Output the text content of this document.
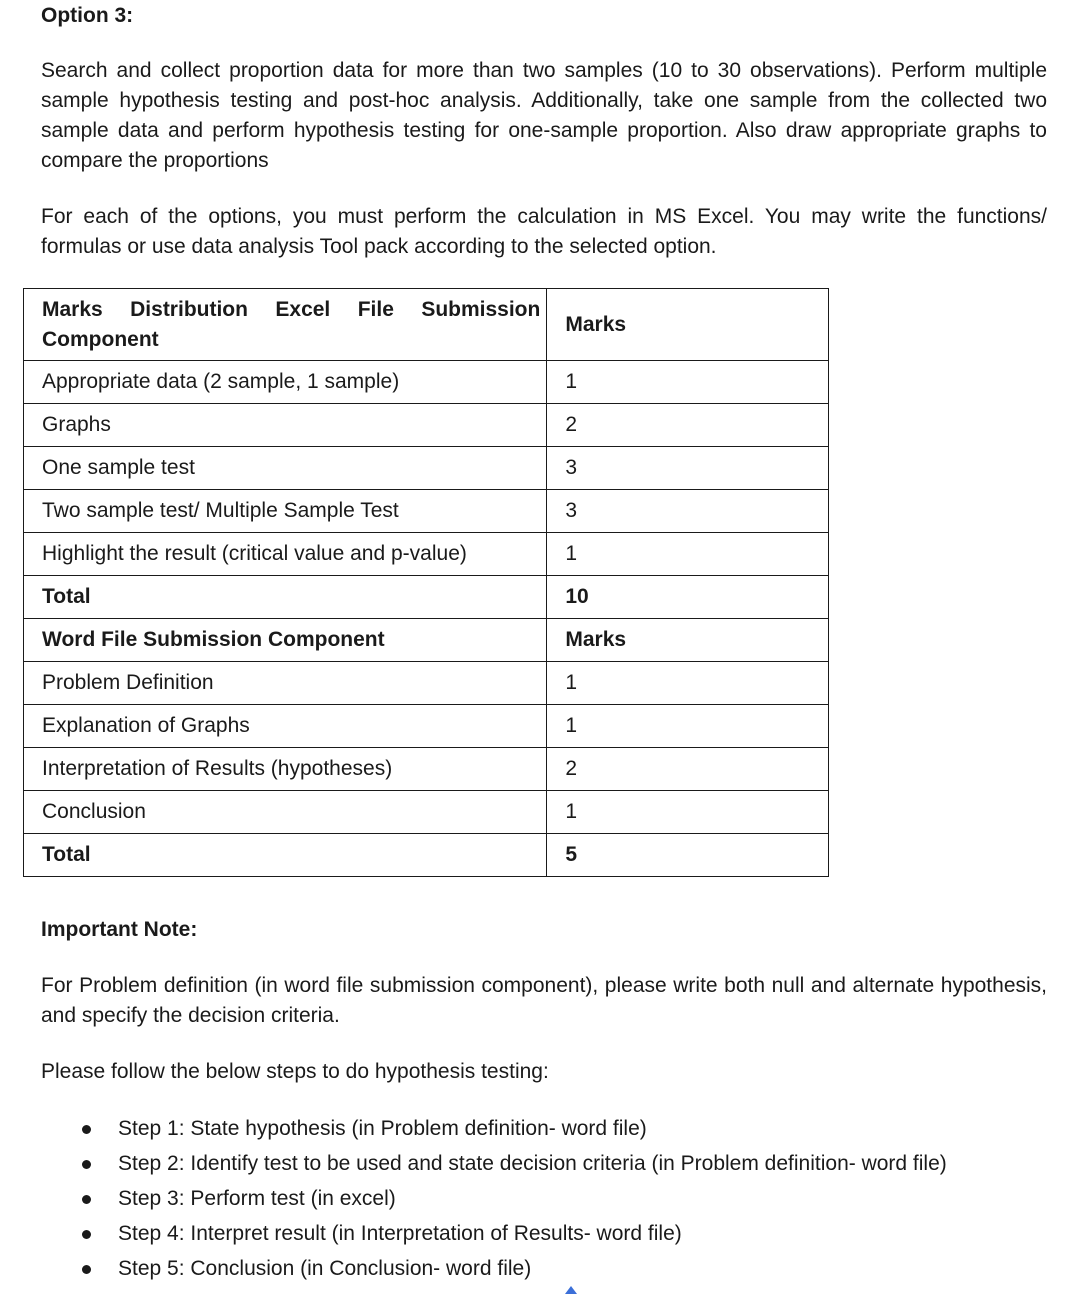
Option 3:
Search and collect proportion data for more than two samples (10 to 30 observations). Perform multiple sample hypothesis testing and post-hoc analysis. Additionally, take one sample from the collected two sample data and perform hypothesis testing for one-sample proportion. Also draw appropriate graphs to compare the proportions
For each of the options, you must perform the calculation in MS Excel. You may write the functions/ formulas or use data analysis Tool pack according to the selected option.
Marks Distribution Excel File Submission Component	Marks
Appropriate data (2 sample, 1 sample)	1
Graphs	2
One sample test	3
Two sample test/ Multiple Sample Test	3
Highlight the result (critical value and p-value)	1
Total	10
Word File Submission Component	Marks
Problem Definition	1
Explanation of Graphs	1
Interpretation of Results (hypotheses)	2
Conclusion	1
Total	5
Important Note:
For Problem definition (in word file submission component), please write both null and alternate hypothesis, and specify the decision criteria.
Please follow the below steps to do hypothesis testing:
Step 1: State hypothesis (in Problem definition- word file)
Step 2: Identify test to be used and state decision criteria (in Problem definition- word file)
Step 3: Perform test (in excel)
Step 4: Interpret result (in Interpretation of Results- word file)
Step 5: Conclusion (in Conclusion- word file)
